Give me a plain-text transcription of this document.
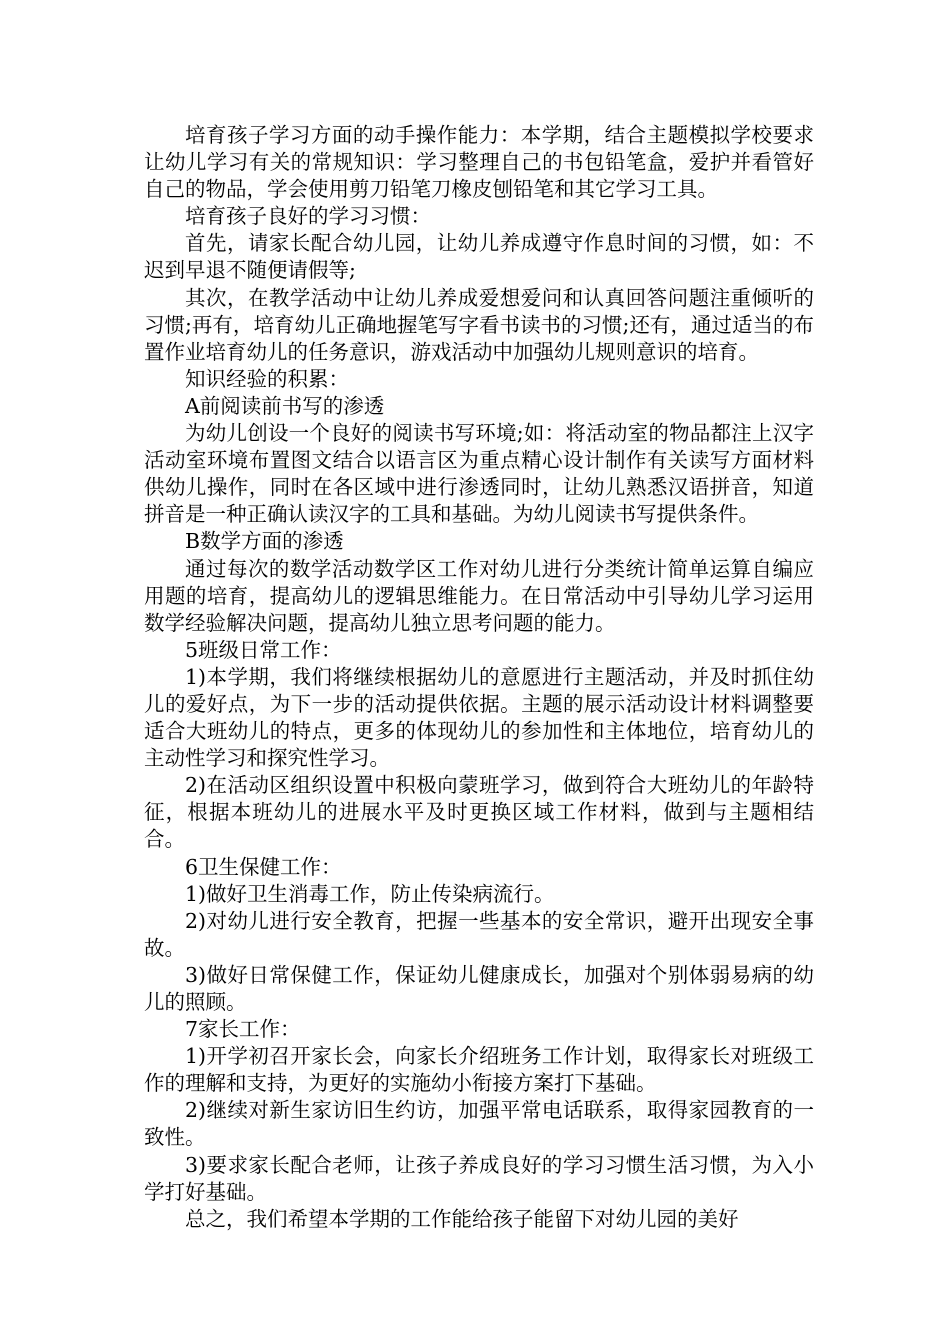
培育孩子学习方面的动手操作能力：本学期，结合主题模拟学校要求让幼儿学习有关的常规知识：学习整理自己的书包铅笔盒，爱护并看管好自己的物品，学会使用剪刀铅笔刀橡皮刨铅笔和其它学习工具。

培育孩子良好的学习习惯：

首先，请家长配合幼儿园，让幼儿养成遵守作息时间的习惯，如：不迟到早退不随便请假等;

其次，在教学活动中让幼儿养成爱想爱问和认真回答问题注重倾听的习惯;再有，培育幼儿正确地握笔写字看书读书的习惯;还有，通过适当的布置作业培育幼儿的任务意识，游戏活动中加强幼儿规则意识的培育。

知识经验的积累：

A前阅读前书写的渗透

为幼儿创设一个良好的阅读书写环境;如：将活动室的物品都注上汉字活动室环境布置图文结合以语言区为重点精心设计制作有关读写方面材料供幼儿操作，同时在各区域中进行渗透同时，让幼儿熟悉汉语拼音，知道拼音是一种正确认读汉字的工具和基础。为幼儿阅读书写提供条件。

B数学方面的渗透

通过每次的数学活动数学区工作对幼儿进行分类统计简单运算自编应用题的培育，提高幼儿的逻辑思维能力。在日常活动中引导幼儿学习运用数学经验解决问题，提高幼儿独立思考问题的能力。

5班级日常工作：

1)本学期，我们将继续根据幼儿的意愿进行主题活动，并及时抓住幼儿的爱好点，为下一步的活动提供依据。主题的展示活动设计材料调整要适合大班幼儿的特点，更多的体现幼儿的参加性和主体地位，培育幼儿的主动性学习和探究性学习。

2)在活动区组织设置中积极向蒙班学习，做到符合大班幼儿的年龄特征，根据本班幼儿的进展水平及时更换区域工作材料，做到与主题相结合。

6卫生保健工作：

1)做好卫生消毒工作，防止传染病流行。

2)对幼儿进行安全教育，把握一些基本的安全常识，避开出现安全事故。

3)做好日常保健工作，保证幼儿健康成长，加强对个别体弱易病的幼儿的照顾。

7家长工作：

1)开学初召开家长会，向家长介绍班务工作计划，取得家长对班级工作的理解和支持，为更好的实施幼小衔接方案打下基础。

2)继续对新生家访旧生约访，加强平常电话联系，取得家园教育的一致性。

3)要求家长配合老师，让孩子养成良好的学习习惯生活习惯，为入小学打好基础。

总之，我们希望本学期的工作能给孩子能留下对幼儿园的美好
